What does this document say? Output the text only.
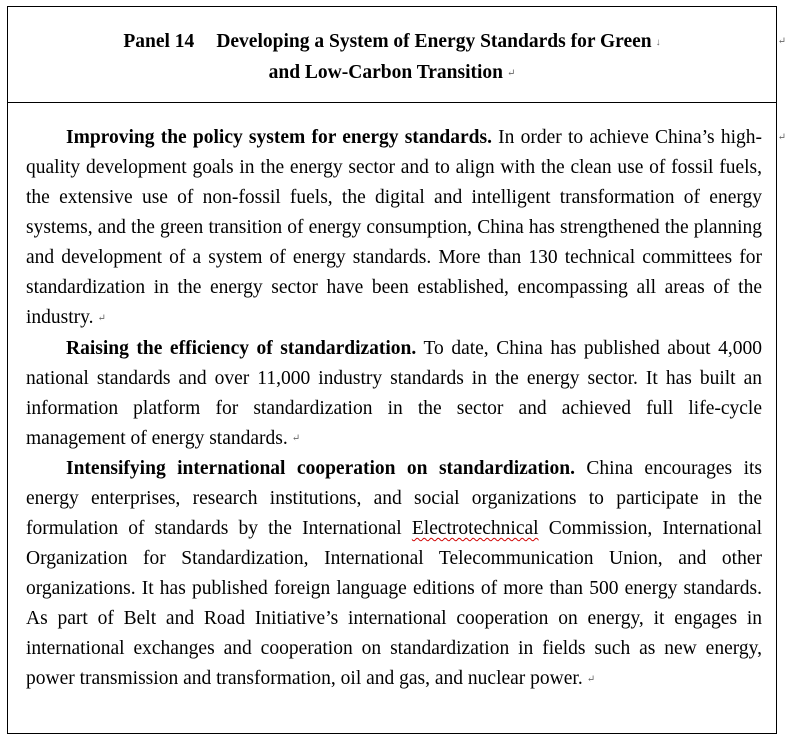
Panel 14 Developing a System of Energy Standards for Green ↓
and Low-Carbon Transition ↵

Improving the policy system for energy standards. In order to achieve China’s high-quality development goals in the energy sector and to align with the clean use of fossil fuels, the extensive use of non-fossil fuels, the digital and intelligent transformation of energy systems, and the green transition of energy consumption, China has strengthened the planning and development of a system of energy standards. More than 130 technical committees for standardization in the energy sector have been established, encompassing all areas of the industry. ↵

Raising the efficiency of standardization. To date, China has published about 4,000 national standards and over 11,000 industry standards in the energy sector. It has built an information platform for standardization in the sector and achieved full life-cycle management of energy standards. ↵

Intensifying international cooperation on standardization. China encourages its energy enterprises, research institutions, and social organizations to participate in the formulation of standards by the International Electrotechnical Commission, International Organization for Standardization, International Telecommunication Union, and other organizations. It has published foreign language editions of more than 500 energy standards. As part of Belt and Road Initiative’s international cooperation on energy, it engages in international exchanges and cooperation on standardization in fields such as new energy, power transmission and transformation, oil and gas, and nuclear power. ↵

↵
↵
